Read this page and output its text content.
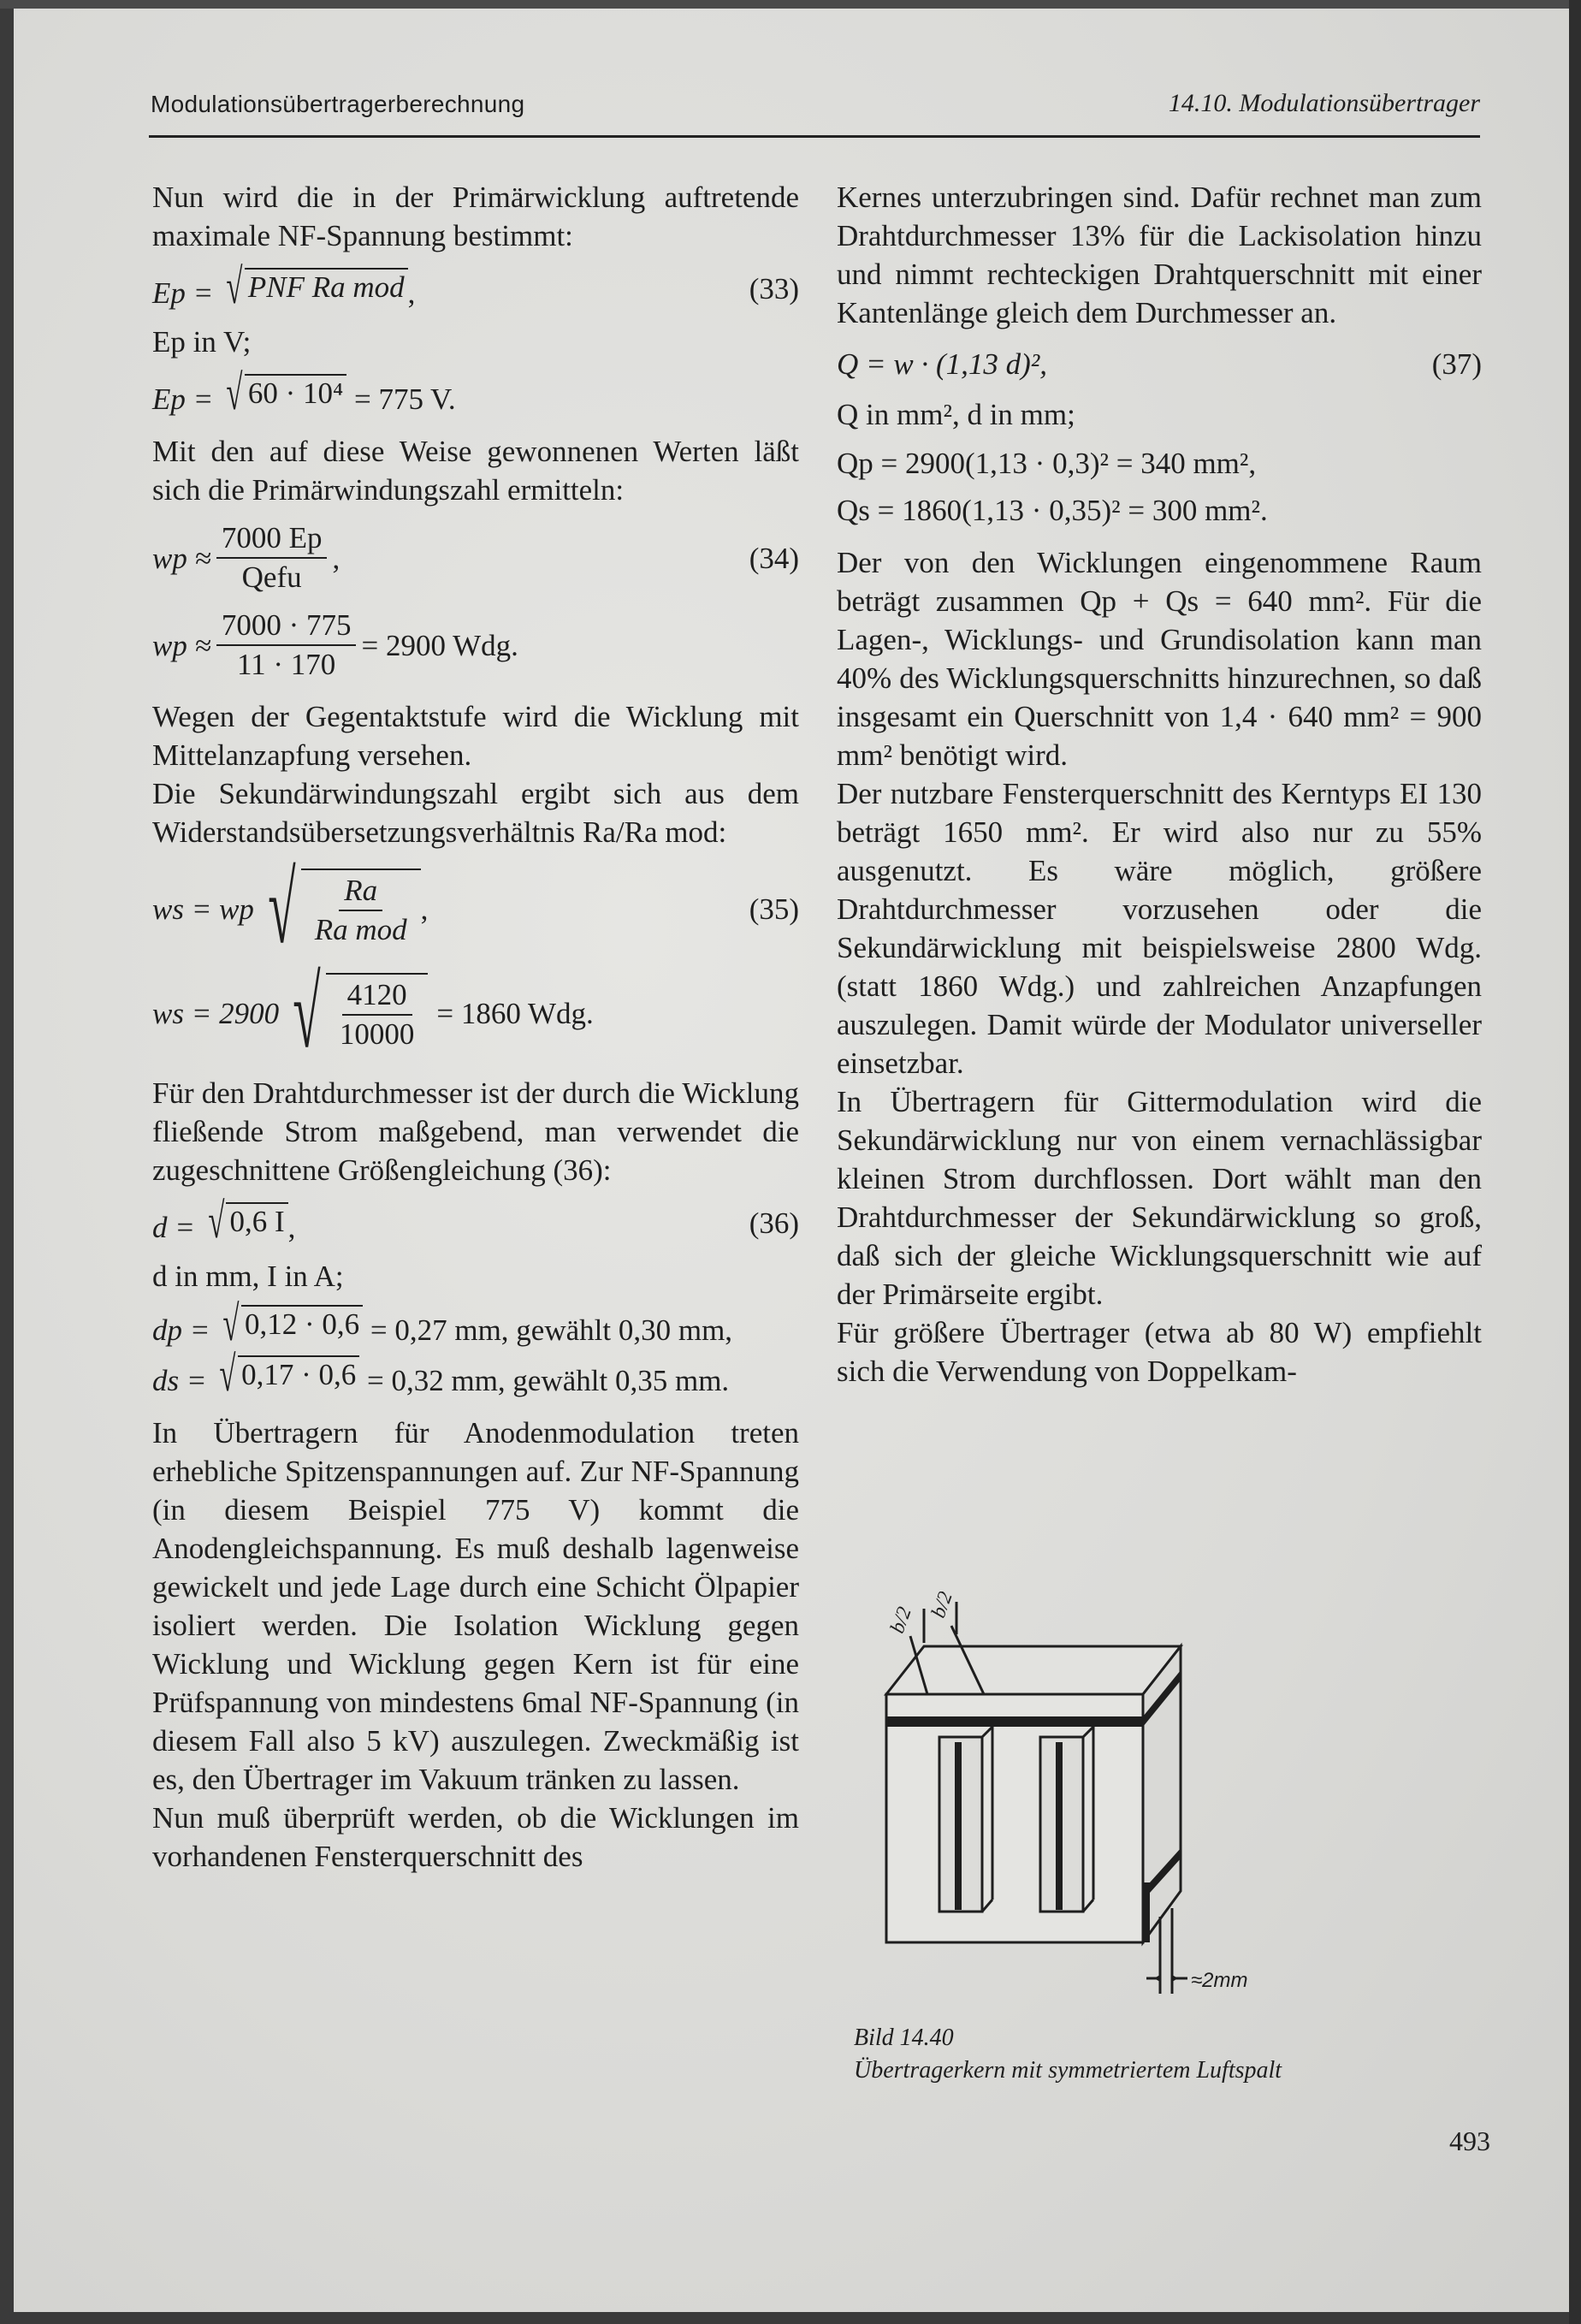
Modulationsübertragerberechnung	14.10. Modulationsübertrager

Nun wird die in der Primärwicklung auftretende maximale NF-Spannung bestimmt:

Ep = √ PNF Ra mod ,	(33)
Ep in V;
Ep = √ 60 · 10⁴ = 775 V.

Mit den auf diese Weise gewonnenen Werten läßt sich die Primärwindungszahl ermitteln:

wp ≈ $\frac{7000 Ep}{\text{Qefu}}$ ,	(34)
wp ≈ $\frac{7000 \cdot 775}{11 \cdot 170} = 2900$ Wdg.

Wegen der Gegentaktstufe wird die Wicklung mit Mittelanzapfung versehen.

Die Sekundärwindungszahl ergibt sich aus dem Widerstandsübersetzungsverhältnis Ra/Ra mod:

ws = wp √ $\frac{Ra}{\text{Ra mod}}$ ,	(35)
ws = 2900 √ $\frac{4120}{10000} = 1860$ Wdg.

Für den Drahtdurchmesser ist der durch die Wicklung fließende Strom maßgebend, man verwendet die zugeschnittene Größengleichung (36):

d = √ 0,6 I ,	(36)
d in mm, I in A;
dp = √ 0,12 · 0,6 = 0,27 mm, gewählt 0,30 mm,
ds = √ 0,17 · 0,6 = 0,32 mm, gewählt 0,35 mm.

In Übertragern für Anodenmodulation treten erhebliche Spitzenspannungen auf. Zur NF-Spannung (in diesem Beispiel 775 V) kommt die Anodengleichspannung. Es muß deshalb lagenweise gewickelt und jede Lage durch eine Schicht Ölpapier isoliert werden. Die Isolation Wicklung gegen Wicklung und Wicklung gegen Kern ist für eine Prüfspannung von mindestens 6mal NF-Spannung (in diesem Fall also 5 kV) auszulegen. Zweckmäßig ist es, den Übertrager im Vakuum tränken zu lassen.

Nun muß überprüft werden, ob die Wicklungen im vorhandenen Fensterquerschnitt des

Kernes unterzubringen sind. Dafür rechnet man zum Drahtdurchmesser 13% für die Lackisolation hinzu und nimmt rechteckigen Drahtquerschnitt mit einer Kantenlänge gleich dem Durchmesser an.

Q = w · (1,13 d)²,	(37)
Q in mm², d in mm;
Qp = 2900(1,13 · 0,3)² = 340 mm²,
Qs = 1860(1,13 · 0,35)² = 300 mm².

Der von den Wicklungen eingenommene Raum beträgt zusammen Qp + Qs = 640 mm². Für die Lagen-, Wicklungs- und Grundisolation kann man 40% des Wicklungsquerschnitts hinzurechnen, so daß insgesamt ein Querschnitt von 1,4 · 640 mm² = 900 mm² benötigt wird.

Der nutzbare Fensterquerschnitt des Kerntyps EI 130 beträgt 1650 mm². Er wird also nur zu 55% ausgenutzt. Es wäre möglich, größere Drahtdurchmesser vorzusehen oder die Sekundärwicklung mit beispielsweise 2800 Wdg. (statt 1860 Wdg.) und zahlreichen Anzapfungen auszulegen. Damit würde der Modulator universeller einsetzbar.

In Übertragern für Gittermodulation wird die Sekundärwicklung nur von einem vernachlässigbar kleinen Strom durchflossen. Dort wählt man den Drahtdurchmesser der Sekundärwicklung so groß, daß sich der gleiche Wicklungsquerschnitt wie auf der Primärseite ergibt.

Für größere Übertrager (etwa ab 80 W) empfiehlt sich die Verwendung von Doppelkam-

b/2 b/2
≈2mm
Bild 14.40
Übertragerkern mit symmetriertem Luftspalt
493
